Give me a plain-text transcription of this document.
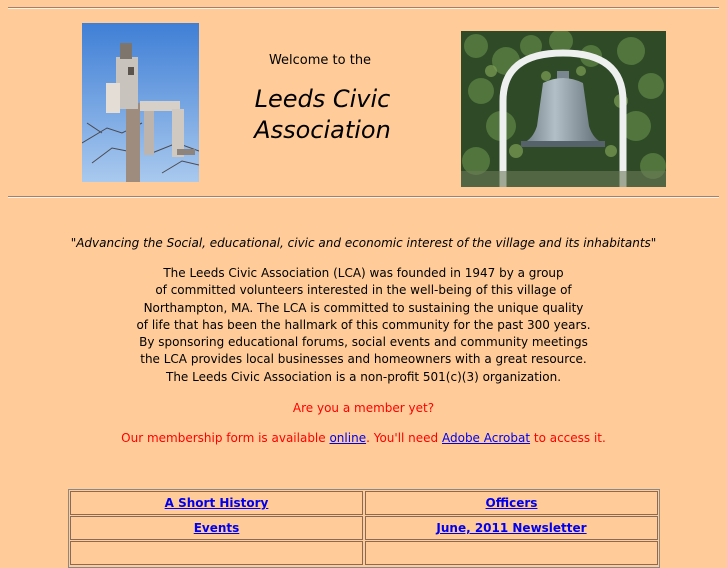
Welcome to the
Leeds Civic
Association
"Advancing the Social, educational, civic and economic interest of the village and its inhabitants"
The Leeds Civic Association (LCA) was founded in 1947 by a group
of committed volunteers interested in the well-being of this village of
Northampton, MA. The LCA is committed to sustaining the unique quality
of life that has been the hallmark of this community for the past 300 years.
By sponsoring educational forums, social events and community meetings
the LCA provides local businesses and homeowners with a great resource.
The Leeds Civic Association is a non-profit 501(c)(3) organization.
Are you a member yet?
Our membership form is available online. You'll need Adobe Acrobat to access it.
A Short History	Officers
Events	June, 2011 Newsletter
